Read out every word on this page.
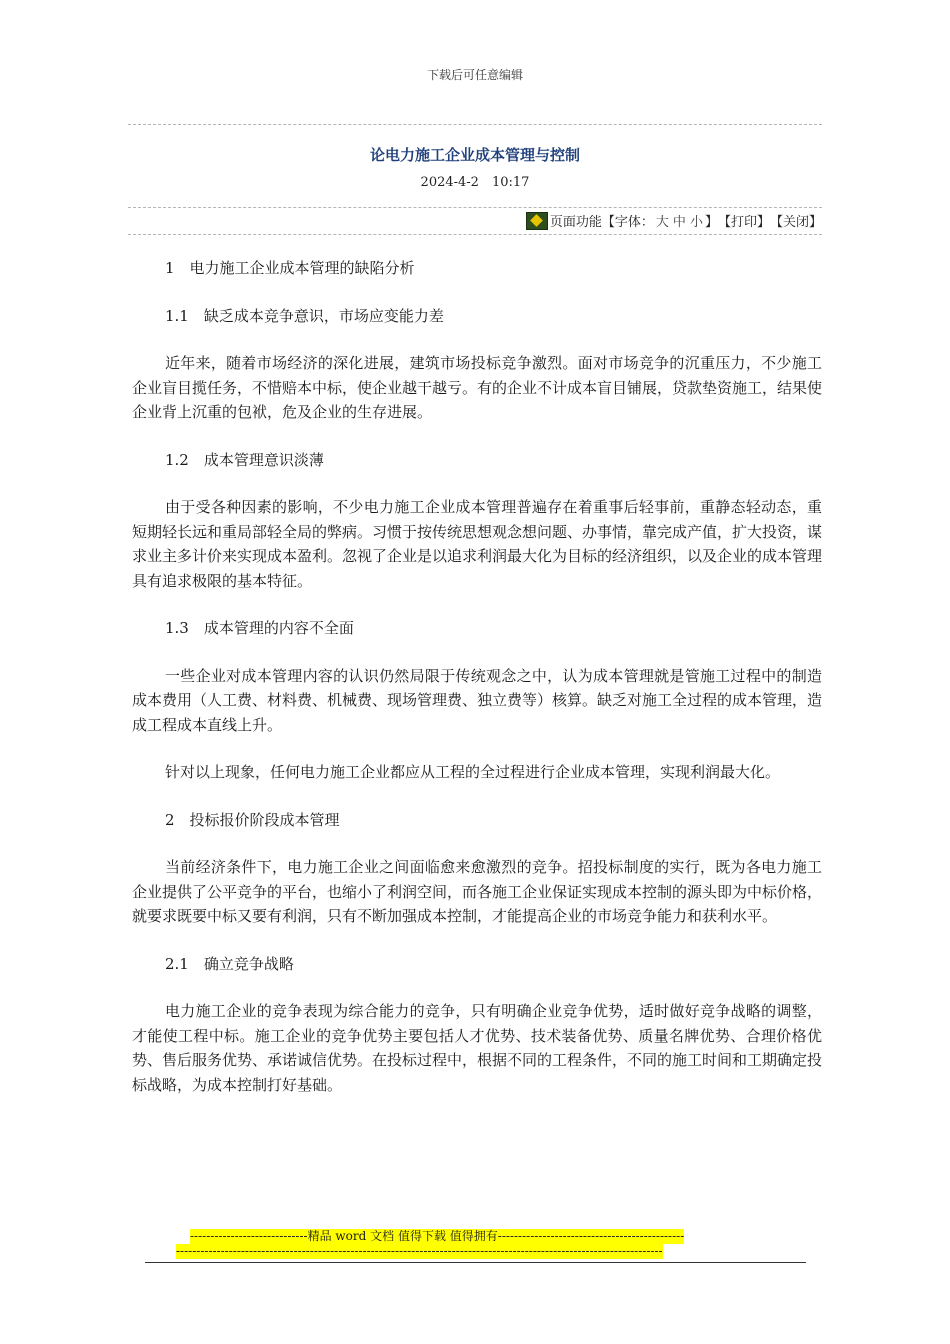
下载后可任意编辑
论电力施工企业成本管理与控制
2024-4-2　10:17
页面功能 【字体： 大 中 小 】 【打印】 【关闭】

1　电力施工企业成本管理的缺陷分析

1.1　缺乏成本竞争意识，市场应变能力差

近年来，随着市场经济的深化进展，建筑市场投标竞争激烈。面对市场竞争的沉重压力，不少施工企业盲目揽任务，不惜赔本中标，使企业越干越亏。有的企业不计成本盲目铺展，贷款垫资施工，结果使企业背上沉重的包袱，危及企业的生存进展。

1.2　成本管理意识淡薄

由于受各种因素的影响，不少电力施工企业成本管理普遍存在着重事后轻事前，重静态轻动态，重短期轻长远和重局部轻全局的弊病。习惯于按传统思想观念想问题、办事情，靠完成产值，扩大投资，谋求业主多计价来实现成本盈利。忽视了企业是以追求利润最大化为目标的经济组织，以及企业的成本管理具有追求极限的基本特征。

1.3　成本管理的内容不全面

一些企业对成本管理内容的认识仍然局限于传统观念之中，认为成本管理就是管施工过程中的制造成本费用（人工费、材料费、机械费、现场管理费、独立费等）核算。缺乏对施工全过程的成本管理，造成工程成本直线上升。

针对以上现象，任何电力施工企业都应从工程的全过程进行企业成本管理，实现利润最大化。

2　投标报价阶段成本管理

当前经济条件下，电力施工企业之间面临愈来愈激烈的竞争。招投标制度的实行，既为各电力施工企业提供了公平竞争的平台，也缩小了利润空间，而各施工企业保证实现成本控制的源头即为中标价格，就要求既要中标又要有利润，只有不断加强成本控制，才能提高企业的市场竞争能力和获利水平。

2.1　确立竞争战略

电力施工企业的竞争表现为综合能力的竞争，只有明确企业竞争优势，适时做好竞争战略的调整，才能使工程中标。施工企业的竞争优势主要包括人才优势、技术装备优势、质量名牌优势、合理价格优势、售后服务优势、承诺诚信优势。在投标过程中，根据不同的工程条件，不同的施工时间和工期确定投标战略，为成本控制打好基础。

-----------------------------精品 word 文档 值得下载 值得拥有----------------------------------------------
------------------------------------------------------------------------------------------------------------------------
